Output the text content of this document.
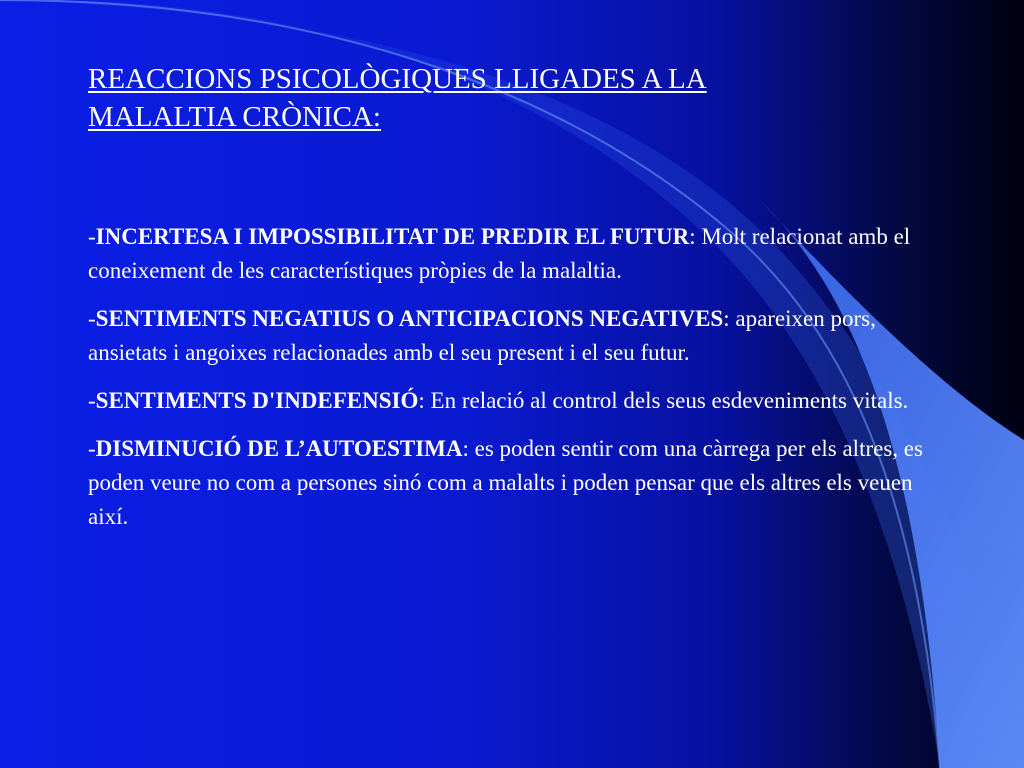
REACCIONS PSICOLÒGIQUES LLIGADES A LA
MALALTIA CRÒNICA:

-INCERTESA I IMPOSSIBILITAT DE PREDIR EL FUTUR: Molt relacionat amb el coneixement de les característiques pròpies de la malaltia.

-SENTIMENTS NEGATIUS O ANTICIPACIONS NEGATIVES: apareixen pors, ansietats i angoixes relacionades amb el seu present i el seu futur.

-SENTIMENTS D'INDEFENSIÓ: En relació al control dels seus esdeveniments vitals.

-DISMINUCIÓ DE L’AUTOESTIMA: es poden sentir com una càrrega per els altres, es poden veure no com a persones sinó com a malalts i poden pensar que els altres els veuen així.
